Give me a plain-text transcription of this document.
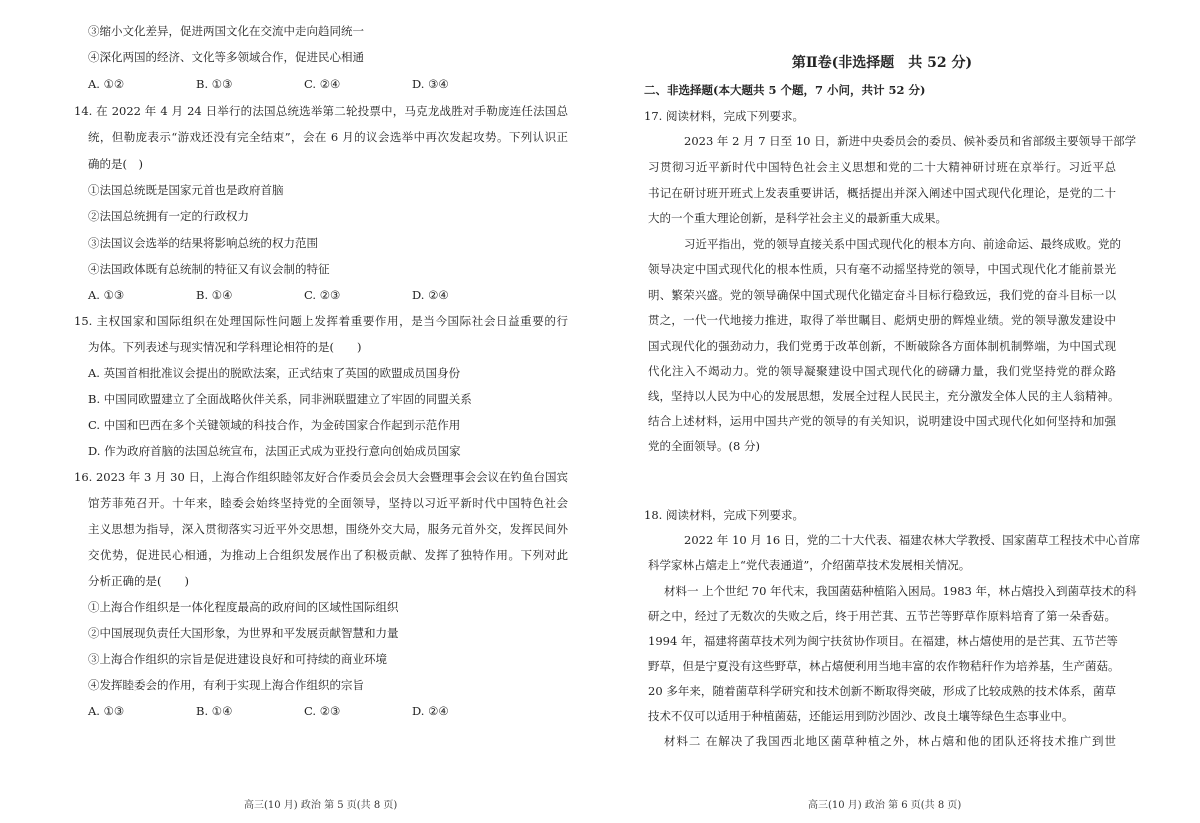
③缩小文化差异，促进两国文化在交流中走向趋同统一
④深化两国的经济、文化等多领域合作，促进民心相通
A. ①②	B. ①③	C. ②④	D. ③④
14. 在 2022 年 4 月 24 日举行的法国总统选举第二轮投票中，马克龙战胜对手勒庞连任法国总
统，但勒庞表示“游戏还没有完全结束”，会在 6 月的议会选举中再次发起攻势。下列认识正
确的是(　)
①法国总统既是国家元首也是政府首脑
②法国总统拥有一定的行政权力
③法国议会选举的结果将影响总统的权力范围
④法国政体既有总统制的特征又有议会制的特征
A. ①③	B. ①④	C. ②③	D. ②④
15. 主权国家和国际组织在处理国际性问题上发挥着重要作用，是当今国际社会日益重要的行
为体。下列表述与现实情况和学科理论相符的是(　　)
A. 英国首相批准议会提出的脱欧法案，正式结束了英国的欧盟成员国身份
B. 中国同欧盟建立了全面战略伙伴关系，同非洲联盟建立了牢固的同盟关系
C. 中国和巴西在多个关键领域的科技合作，为金砖国家合作起到示范作用
D. 作为政府首脑的法国总统宣布，法国正式成为亚投行意向创始成员国家
16. 2023 年 3 月 30 日，上海合作组织睦邻友好合作委员会会员大会暨理事会会议在钓鱼台国宾
馆芳菲苑召开。十年来，睦委会始终坚持党的全面领导，坚持以习近平新时代中国特色社会
主义思想为指导，深入贯彻落实习近平外交思想，围绕外交大局，服务元首外交，发挥民间外
交优势，促进民心相通，为推动上合组织发展作出了积极贡献、发挥了独特作用。下列对此
分析正确的是(　　)
①上海合作组织是一体化程度最高的政府间的区域性国际组织
②中国展现负责任大国形象，为世界和平发展贡献智慧和力量
③上海合作组织的宗旨是促进建设良好和可持续的商业环境
④发挥睦委会的作用，有利于实现上海合作组织的宗旨
A. ①③	B. ①④	C. ②③	D. ②④
高三(10 月) 政治 第 5 页(共 8 页)
第Ⅱ卷(非选择题　共 52 分)
二、非选择题(本大题共 5 个题，7 小问，共计 52 分)
17. 阅读材料，完成下列要求。
2023 年 2 月 7 日至 10 日，新进中央委员会的委员、候补委员和省部级主要领导干部学
习贯彻习近平新时代中国特色社会主义思想和党的二十大精神研讨班在京举行。习近平总
书记在研讨班开班式上发表重要讲话，概括提出并深入阐述中国式现代化理论，是党的二十
大的一个重大理论创新，是科学社会主义的最新重大成果。
习近平指出，党的领导直接关系中国式现代化的根本方向、前途命运、最终成败。党的
领导决定中国式现代化的根本性质，只有毫不动摇坚持党的领导，中国式现代化才能前景光
明、繁荣兴盛。党的领导确保中国式现代化锚定奋斗目标行稳致远，我们党的奋斗目标一以
贯之，一代一代地接力推进，取得了举世瞩目、彪炳史册的辉煌业绩。党的领导激发建设中
国式现代化的强劲动力，我们党勇于改革创新，不断破除各方面体制机制弊端，为中国式现
代化注入不竭动力。党的领导凝聚建设中国式现代化的磅礴力量，我们党坚持党的群众路
线，坚持以人民为中心的发展思想，发展全过程人民民主，充分激发全体人民的主人翁精神。
结合上述材料，运用中国共产党的领导的有关知识，说明建设中国式现代化如何坚持和加强
党的全面领导。(8 分)
18. 阅读材料，完成下列要求。
2022 年 10 月 16 日，党的二十大代表、福建农林大学教授、国家菌草工程技术中心首席
科学家林占熺走上“党代表通道”，介绍菌草技术发展相关情况。
材料一 上个世纪 70 年代末，我国菌菇种植陷入困局。1983 年，林占熺投入到菌草技术的科
研之中，经过了无数次的失败之后，终于用芒萁、五节芒等野草作原料培育了第一朵香菇。
1994 年，福建将菌草技术列为闽宁扶贫协作项目。在福建，林占熺使用的是芒萁、五节芒等
野草，但是宁夏没有这些野草，林占熺便利用当地丰富的农作物秸秆作为培养基，生产菌菇。
20 多年来，随着菌草科学研究和技术创新不断取得突破，形成了比较成熟的技术体系，菌草
技术不仅可以适用于种植菌菇，还能运用到防沙固沙、改良土壤等绿色生态事业中。
材料二 在解决了我国西北地区菌草种植之外，林占熺和他的团队还将技术推广到世
高三(10 月) 政治 第 6 页(共 8 页)
